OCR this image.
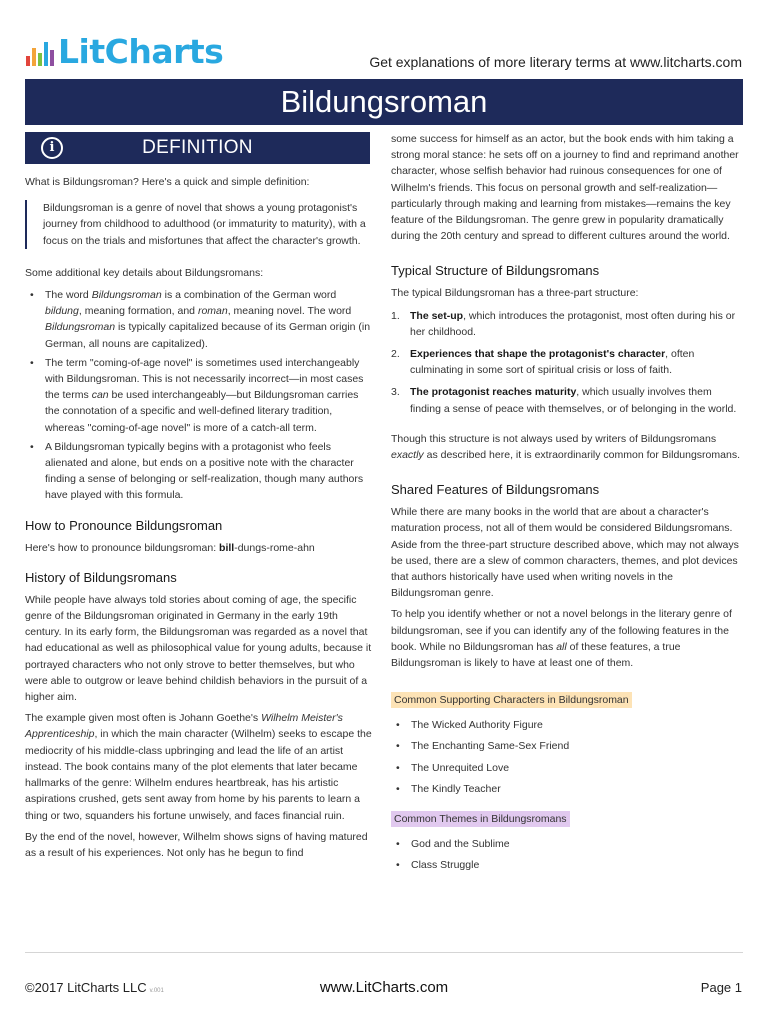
LitCharts	Get explanations of more literary terms at www.litcharts.com
Bildungsroman
i	DEFINITION

What is Bildungsroman? Here's a quick and simple definition:

Bildungsroman is a genre of novel that shows a young protagonist's journey from childhood to adulthood (or immaturity to maturity), with a focus on the trials and misfortunes that affect the character's growth.

Some additional key details about Bildungsromans:

• The word Bildungsroman is a combination of the German word bildung, meaning formation, and roman, meaning novel. The word Bildungsroman is typically capitalized because of its German origin (in German, all nouns are capitalized).
• The term "coming-of-age novel" is sometimes used interchangeably with Bildungsroman. This is not necessarily incorrect—in most cases the terms can be used interchangeably—but Bildungsroman carries the connotation of a specific and well-defined literary tradition, whereas "coming-of-age novel" is more of a catch-all term.
• A Bildungsroman typically begins with a protagonist who feels alienated and alone, but ends on a positive note with the character finding a sense of belonging or self-realization, though many authors have played with this formula.
How to Pronounce Bildungsroman

Here's how to pronounce bildungsroman: bill-dungs-rome-ahn

History of Bildungsromans

While people have always told stories about coming of age, the specific genre of the Bildungsroman originated in Germany in the early 19th century. In its early form, the Bildungsroman was regarded as a novel that had educational as well as philosophical value for young adults, because it portrayed characters who not only strove to better themselves, but who were able to outgrow or leave behind childish behaviors in the pursuit of a higher aim.

The example given most often is Johann Goethe's Wilhelm Meister's Apprenticeship, in which the main character (Wilhelm) seeks to escape the mediocrity of his middle-class upbringing and lead the life of an artist instead. The book contains many of the plot elements that later became hallmarks of the genre: Wilhelm endures heartbreak, has his artistic aspirations crushed, gets sent away from home by his parents to learn a thing or two, squanders his fortune unwisely, and faces financial ruin.

By the end of the novel, however, Wilhelm shows signs of having matured as a result of his experiences. Not only has he begun to find

some success for himself as an actor, but the book ends with him taking a strong moral stance: he sets off on a journey to find and reprimand another character, whose selfish behavior had ruinous consequences for one of Wilhelm's friends. This focus on personal growth and self-realization—particularly through making and learning from mistakes—remains the key feature of the Bildungsroman. The genre grew in popularity dramatically during the 20th century and spread to different cultures around the world.

Typical Structure of Bildungsromans

The typical Bildungsroman has a three-part structure:

1. The set-up, which introduces the protagonist, most often during his or her childhood.
2. Experiences that shape the protagonist's character, often culminating in some sort of spiritual crisis or loss of faith.
3. The protagonist reaches maturity, which usually involves them finding a sense of peace with themselves, or of belonging in the world.

Though this structure is not always used by writers of Bildungsromans exactly as described here, it is extraordinarily common for Bildungsromans.

Shared Features of Bildungsromans

While there are many books in the world that are about a character's maturation process, not all of them would be considered Bildungsromans. Aside from the three-part structure described above, which may not always be used, there are a slew of common characters, themes, and plot devices that authors historically have used when writing novels in the Bildungsroman genre.

To help you identify whether or not a novel belongs in the literary genre of bildungsroman, see if you can identify any of the following features in the book. While no Bildungsroman has all of these features, a true Bildungsroman is likely to have at least one of them.

Common Supporting Characters in Bildungsroman
• The Wicked Authority Figure
• The Enchanting Same-Sex Friend
• The Unrequited Love
• The Kindly Teacher
Common Themes in Bildungsromans
• God and the Sublime
• Class Struggle
©2017 LitCharts LLC v.001	www.LitCharts.com	Page 1
